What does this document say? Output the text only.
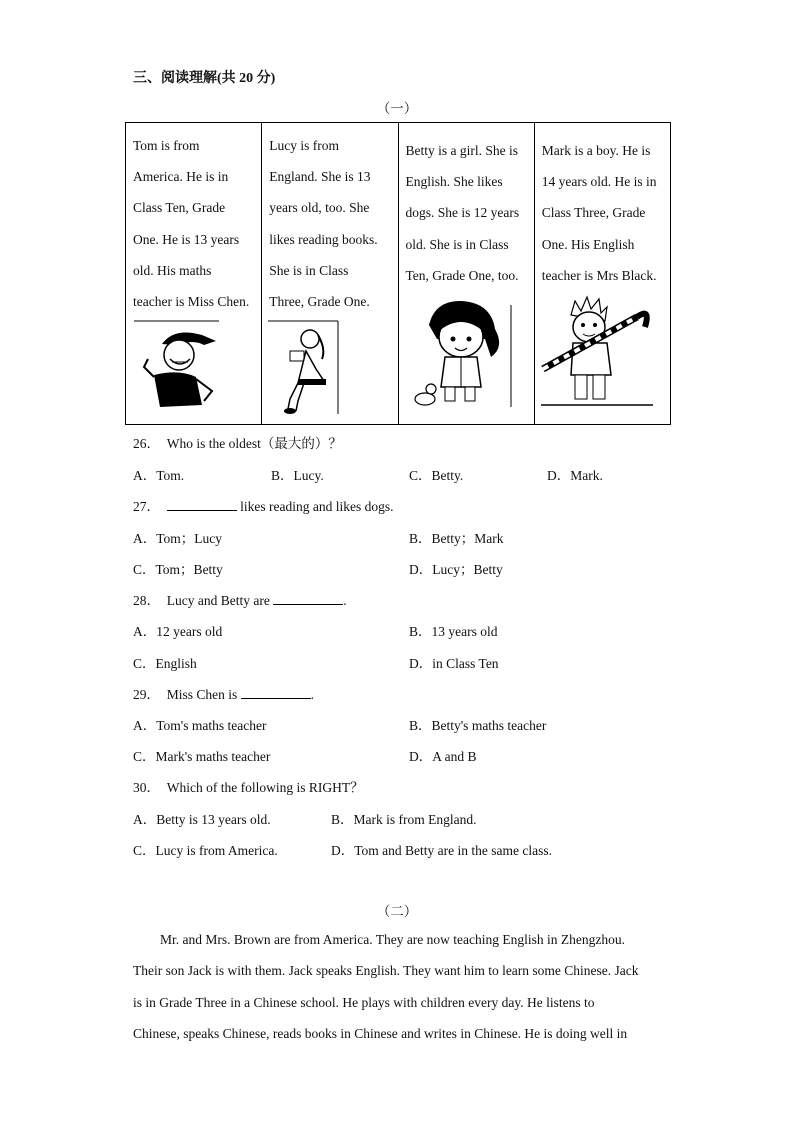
三、阅读理解(共 20 分)
（一）
Tom is from
America. He is in
Class Ten, Grade
One. He is 13 years
old. His maths
teacher is Miss Chen.

Lucy is from
England. She is 13
years old, too. She
likes reading books.
She is in Class
Three, Grade One.

Betty is a girl. She is
English. She likes
dogs. She is 12 years
old. She is in Class
Ten, Grade One, too.

Mark is a boy. He is
14 years old. He is in
Class Three, Grade
One. His English
teacher is Mrs Black.
26． Who is the oldest（最大的）？
A．Tom.	B．Lucy.	C．Betty.	D．Mark.
27．	likes reading and likes dogs.
A．Tom；Lucy	B．Betty；Mark
C．Tom；Betty	D．Lucy；Betty
28． Lucy and Betty are	.
A．12 years old	B．13 years old
C．English	D．in Class Ten
29． Miss Chen is	.
A．Tom's maths teacher	B．Betty's maths teacher
C．Mark's maths teacher	D．A and B
30． Which of the following is RIGHT？
A．Betty is 13 years old.	B．Mark is from England.
C．Lucy is from America.	D．Tom and Betty are in the same class.
（二）
Mr. and Mrs. Brown are from America. They are now teaching English in Zhengzhou.
Their son Jack is with them. Jack speaks English. They want him to learn some Chinese. Jack
is in Grade Three in a Chinese school. He plays with children every day. He listens to
Chinese, speaks Chinese, reads books in Chinese and writes in Chinese. He is doing well in
